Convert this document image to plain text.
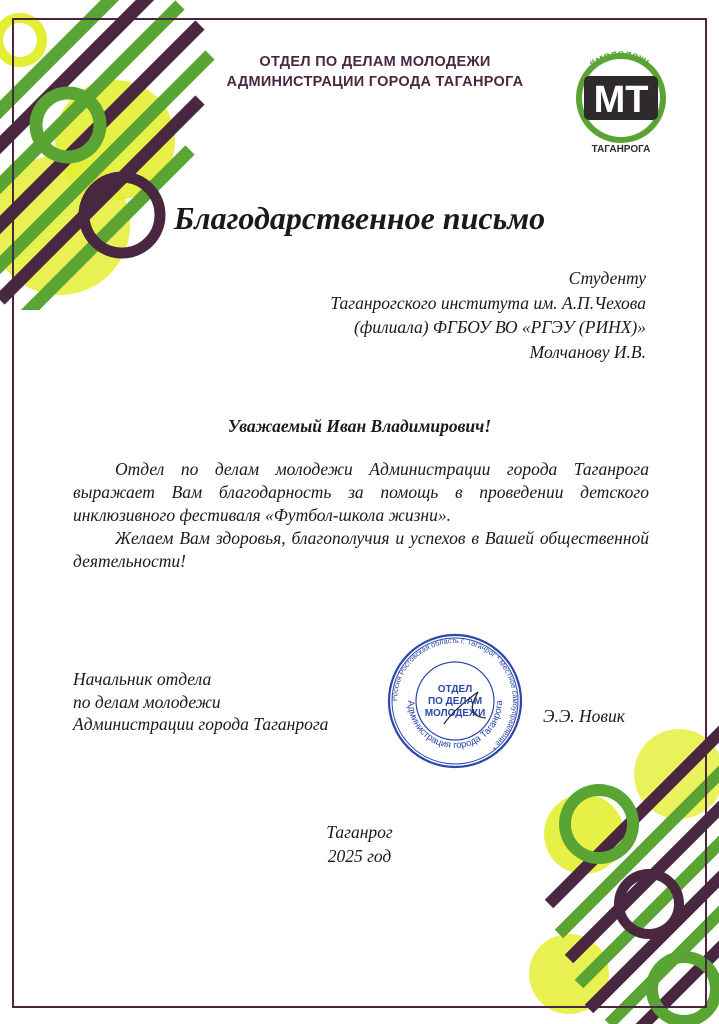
ОТДЕЛ ПО ДЕЛАМ МОЛОДЕЖИ
АДМИНИСТРАЦИИ ГОРОДА ТАГАНРОГА	МТ
#молодежь
ТАГАНРОГА
Благодарственное письмо
Студенту
Таганрогского института им. А.П.Чехова
(филиала) ФГБОУ ВО «РГЭУ (РИНХ)»
Молчанову И.В.
Уважаемый Иван Владимирович!

Отдел по делам молодежи Администрации города Таганрога выражает Вам благодарность за помощь в проведении детского инклюзивного фестиваля «Футбол-школа жизни».

Желаем Вам здоровья, благополучия и успехов в Вашей общественной деятельности!

Начальник отдела
по делам молодежи
Администрации города Таганрога
Россия Ростовская область г. Таганрог * Местное самоуправление *
Администрация города Таганрога
ОТДЕЛ
ПО ДЕЛАМ
МОЛОДЕЖИ	Э.Э. Новик
Таганрог
2025 год
